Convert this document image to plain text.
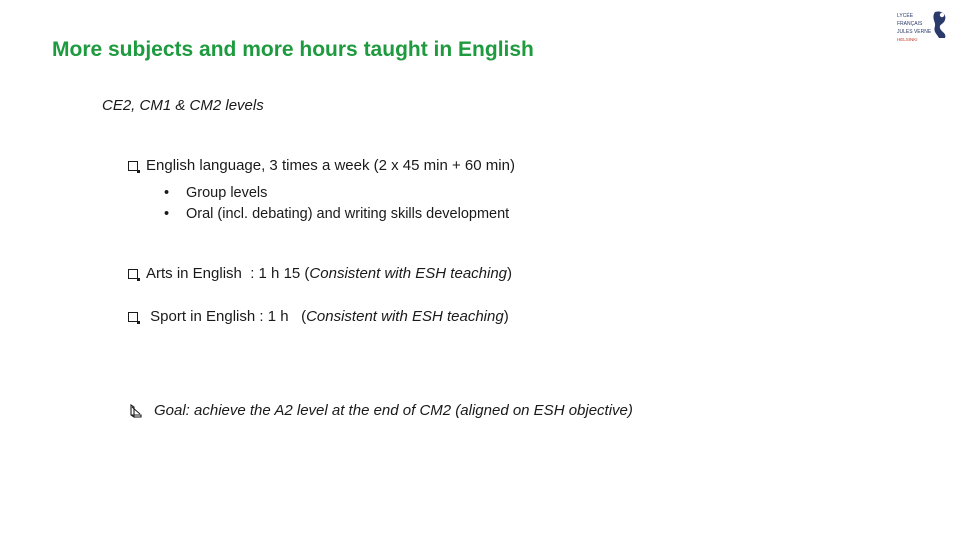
More subjects and more hours taught in English
LYCÉE
FRANÇAIS
JULES VERNE
HELSINKI
CE2, CM1 & CM2 levels
English language, 3 times a week (2 x 45 min + 60 min)
• Group levels
• Oral (incl. debating) and writing skills development
Arts in English  : 1 h 15 ( Consistent with ESH teaching )
Sport in English : 1 h   ( Consistent with ESH teaching )
Goal: achieve the A2 level at the end of CM2 (aligned on ESH objective)
